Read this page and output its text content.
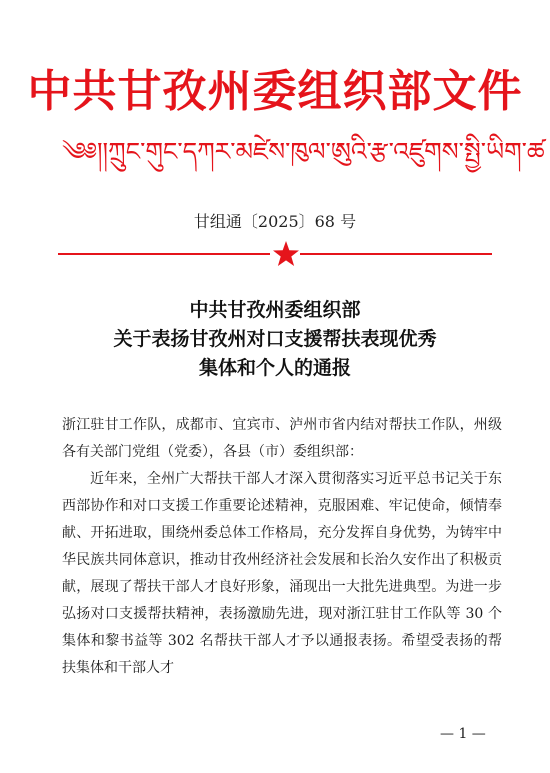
中共甘孜州委组织部文件
༄༅།།ཀྲུང་གུང་དཀར་མཛེས་ཁུལ་ཨུའི་རྩ་འཛུགས་སྤྱི་ཡིག་ཚ
甘组通〔2025〕68 号
中共甘孜州委组织部
关于表扬甘孜州对口支援帮扶表现优秀
集体和个人的通报

浙江驻甘工作队，成都市、宜宾市、泸州市省内结对帮扶工作队，州级各有关部门党组（党委），各县（市）委组织部：

近年来，全州广大帮扶干部人才深入贯彻落实习近平总书记关于东西部协作和对口支援工作重要论述精神，克服困难、牢记使命，倾情奉献、开拓进取，围绕州委总体工作格局，充分发挥自身优势，为铸牢中华民族共同体意识，推动甘孜州经济社会发展和长治久安作出了积极贡献，展现了帮扶干部人才良好形象，涌现出一大批先进典型。为进一步弘扬对口支援帮扶精神，表扬激励先进，现对浙江驻甘工作队等 30 个集体和黎书益等 302 名帮扶干部人才予以通报表扬。希望受表扬的帮扶集体和干部人才

— 1 —
